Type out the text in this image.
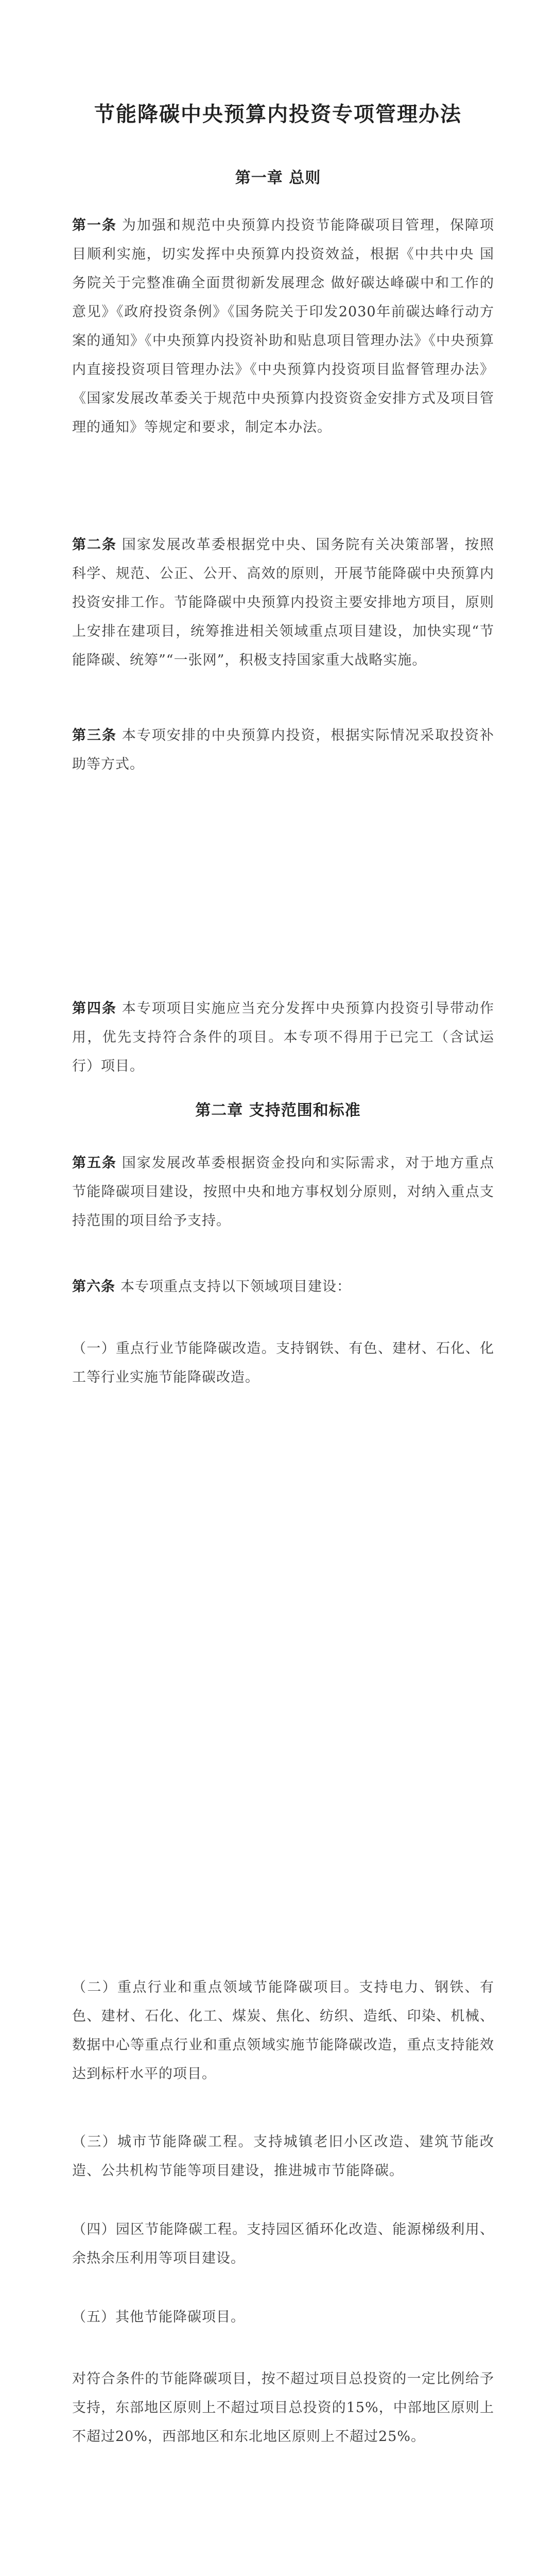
节能降碳中央预算内投资专项管理办法
第一章 总则
第一条 为加强和规范中央预算内投资节能降碳项目管理，保障项目顺利实施，切实发挥中央预算内投资效益，根据《中共中央 国务院关于完整准确全面贯彻新发展理念 做好碳达峰碳中和工作的意见》《政府投资条例》《国务院关于印发2030年前碳达峰行动方案的通知》《中央预算内投资补助和贴息项目管理办法》《中央预算内直接投资项目管理办法》《中央预算内投资项目监督管理办法》《国家发展改革委关于规范中央预算内投资资金安排方式及项目管理的通知》等规定和要求，制定本办法。
第二条 国家发展改革委根据党中央、国务院有关决策部署，按照科学、规范、公正、公开、高效的原则，开展节能降碳中央预算内投资安排工作。节能降碳中央预算内投资主要安排地方项目，原则上安排在建项目，统筹推进相关领域重点项目建设，加快实现“节能降碳、统筹”“一张网”，积极支持国家重大战略实施。
第三条 本专项安排的中央预算内投资，根据实际情况采取投资补助等方式。
第四条 本专项项目实施应当充分发挥中央预算内投资引导带动作用，优先支持符合条件的项目。本专项不得用于已完工（含试运行）项目。
第二章 支持范围和标准
第五条 国家发展改革委根据资金投向和实际需求，对于地方重点节能降碳项目建设，按照中央和地方事权划分原则，对纳入重点支持范围的项目给予支持。
第六条 本专项重点支持以下领域项目建设：
（一）重点行业节能降碳改造。支持钢铁、有色、建材、石化、化工等行业实施节能降碳改造。
（二）重点行业和重点领域节能降碳项目。支持电力、钢铁、有色、建材、石化、化工、煤炭、焦化、纺织、造纸、印染、机械、数据中心等重点行业和重点领域实施节能降碳改造，重点支持能效达到标杆水平的项目。
（三）城市节能降碳工程。支持城镇老旧小区改造、建筑节能改造、公共机构节能等项目建设，推进城市节能降碳。
（四）园区节能降碳工程。支持园区循环化改造、能源梯级利用、余热余压利用等项目建设。
（五）其他节能降碳项目。
对符合条件的节能降碳项目，按不超过项目总投资的一定比例给予支持，东部地区原则上不超过项目总投资的15%，中部地区原则上不超过20%，西部地区和东北地区原则上不超过25%。
